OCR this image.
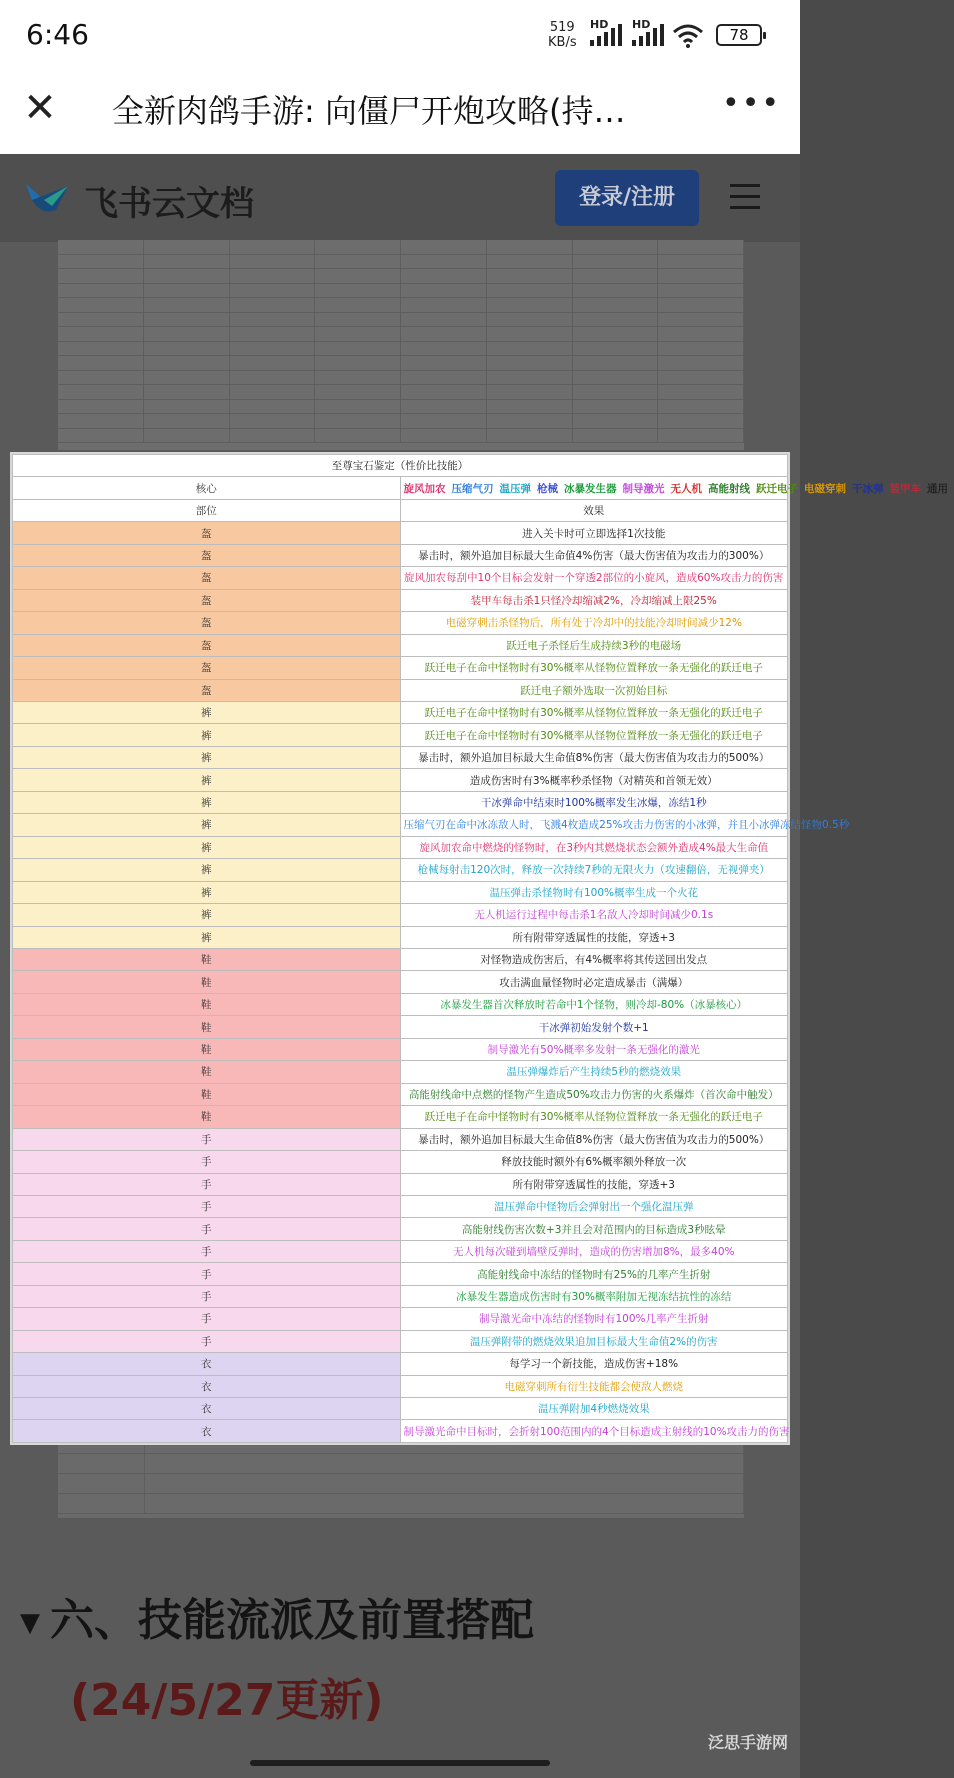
6:46	519
KB/s
HD HD
78
✕ 全新肉鸽手游: 向僵尸开炮攻略(持…	•••
飞书云文档	登录/注册
▼ 六、技能流派及前置搭配
(24/5/27更新)
泛思手游网
至尊宝石鉴定（性价比技能）	
核心	旋风加农 压缩气刃 温压弹 枪械 冰暴发生器 制导激光 无人机 高能射线 跃迁电子 电磁穿刺 干冰弹 装甲车 通用
部位	效果
盔	进入关卡时可立即选择1次技能
盔	暴击时，额外追加目标最大生命值4%伤害（最大伤害值为攻击力的300%）
盔	旋风加农每刮中10个目标会发射一个穿透2部位的小旋风，造成60%攻击力的伤害
盔	装甲车每击杀1只怪冷却缩减2%，冷却缩减上限25%
盔	电磁穿刺击杀怪物后，所有处于冷却中的技能冷却时间减少12%
盔	跃迁电子杀怪后生成持续3秒的电磁场
盔	跃迁电子在命中怪物时有30%概率从怪物位置释放一条无强化的跃迁电子
盔	跃迁电子额外选取一次初始目标
裤	跃迁电子在命中怪物时有30%概率从怪物位置释放一条无强化的跃迁电子
裤	跃迁电子在命中怪物时有30%概率从怪物位置释放一条无强化的跃迁电子
裤	暴击时，额外追加目标最大生命值8%伤害（最大伤害值为攻击力的500%）
裤	造成伤害时有3%概率秒杀怪物（对精英和首领无效）
裤	干冰弹命中结束时100%概率发生冰爆，冻结1秒
裤	压缩气刃在命中冰冻敌人时，飞溅4枚造成25%攻击力伤害的小冰弹，并且小冰弹冻结怪物0.5秒
裤	旋风加农命中燃烧的怪物时，在3秒内其燃烧状态会额外造成4%最大生命值
裤	枪械每射击120次时，释放一次持续7秒的无限火力（攻速翻倍，无视弹夹）
裤	温压弹击杀怪物时有100%概率生成一个火花
裤	无人机运行过程中每击杀1名敌人冷却时间减少0.1s
裤	所有附带穿透属性的技能，穿透+3
鞋	对怪物造成伤害后，有4%概率将其传送回出发点
鞋	攻击满血量怪物时必定造成暴击（满爆）
鞋	冰暴发生器首次释放时若命中1个怪物，则冷却-80%（冰暴核心）
鞋	干冰弹初始发射个数+1
鞋	制导激光有50%概率多发射一条无强化的激光
鞋	温压弹爆炸后产生持续5秒的燃烧效果
鞋	高能射线命中点燃的怪物产生造成50%攻击力伤害的火系爆炸（首次命中触发）
鞋	跃迁电子在命中怪物时有30%概率从怪物位置释放一条无强化的跃迁电子
手	暴击时，额外追加目标最大生命值8%伤害（最大伤害值为攻击力的500%）
手	释放技能时额外有6%概率额外释放一次
手	所有附带穿透属性的技能，穿透+3
手	温压弹命中怪物后会弹射出一个强化温压弹
手	高能射线伤害次数+3并且会对范围内的目标造成3秒眩晕
手	无人机每次碰到墙壁反弹时，造成的伤害增加8%，最多40%
手	高能射线命中冻结的怪物时有25%的几率产生折射
手	冰暴发生器造成伤害时有30%概率附加无视冻结抗性的冻结
手	制导激光命中冻结的怪物时有100%几率产生折射
手	温压弹附带的燃烧效果追加目标最大生命值2%的伤害
衣	每学习一个新技能，造成伤害+18%
衣	电磁穿刺所有衍生技能都会使敌人燃烧
衣	温压弹附加4秒燃烧效果
衣	制导激光命中目标时，会折射100范围内的4个目标造成主射线的10%攻击力的伤害
